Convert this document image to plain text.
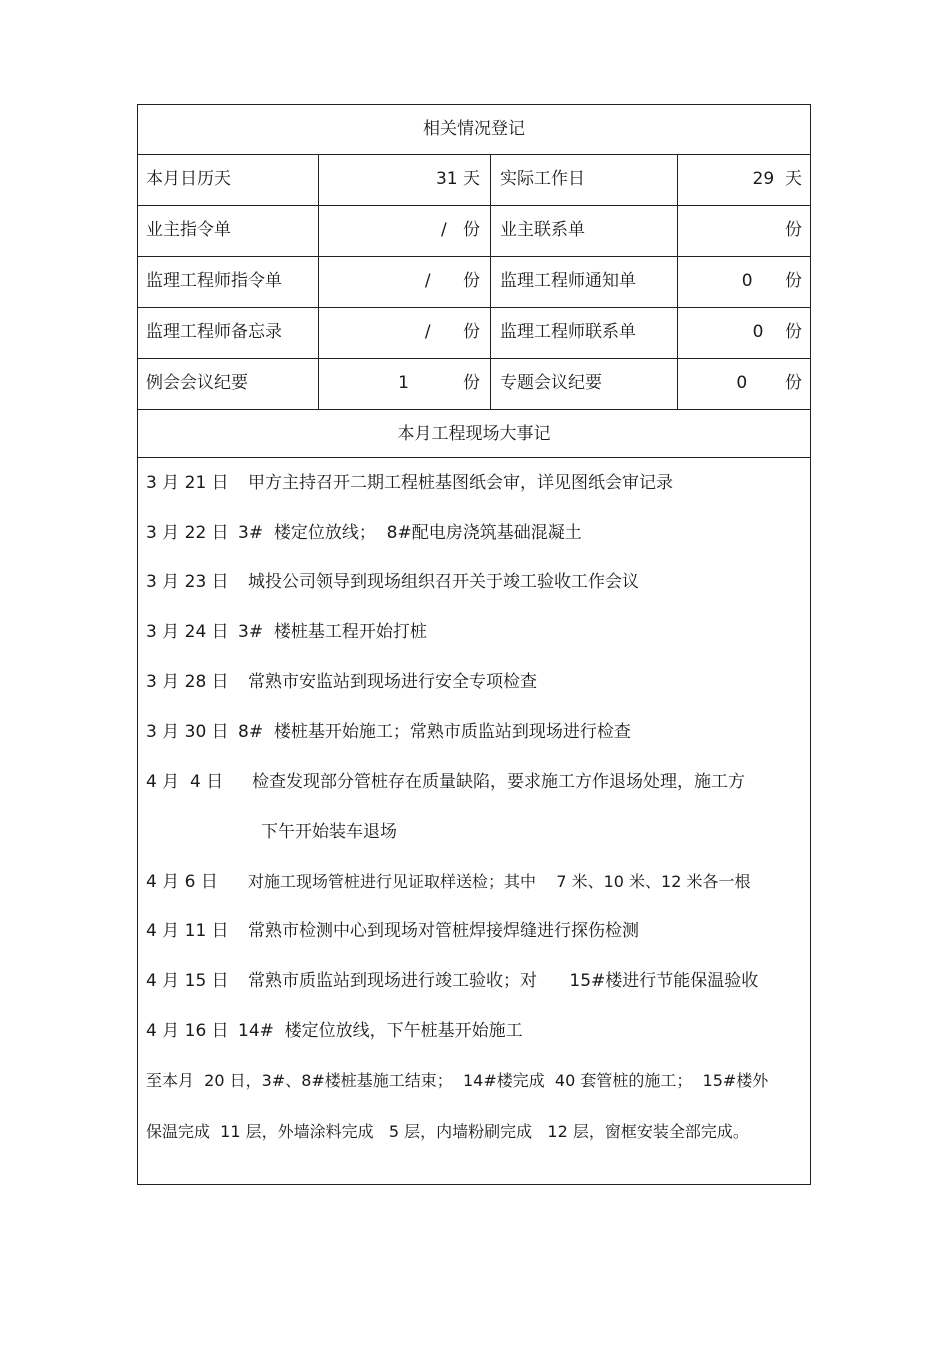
相关情况登记
本月日历天	31 天	实际工作日	29  天
业主指令单	/   份	业主联系单	份
监理工程师指令单	/      份	监理工程师通知单	0      份
监理工程师备忘录	/      份	监理工程师联系单	0    份
例会会议纪要	1          份	专题会议纪要	0       份
本月工程现场大事记
3 月 21 日 甲方主持召开二期工程桩基图纸会审，详见图纸会审记录
3 月 22 日 3#  楼定位放线；  8#配电房浇筑基础混凝土
3 月 23 日 城投公司领导到现场组织召开关于竣工验收工作会议
3 月 24 日 3#  楼桩基工程开始打桩
3 月 28 日 常熟市安监站到现场进行安全专项检查
3 月 30 日 8#  楼桩基开始施工；常熟市质监站到现场进行检查
4 月  4 日 检查发现部分管桩存在质量缺陷，要求施工方作退场处理，施工方
下午开始装车退场
4 月 6 日 对施工现场管桩进行见证取样送检；其中    7 米、10 米、12 米各一根
4 月 11 日 常熟市检测中心到现场对管桩焊接焊缝进行探伤检测
4 月 15 日 常熟市质监站到现场进行竣工验收；对      15#楼进行节能保温验收
4 月 16 日 14#  楼定位放线，下午桩基开始施工
至本月  20 日，3#、8#楼桩基施工结束；  14#楼完成  40 套管桩的施工；  15#楼外
保温完成  11 层，外墙涂料完成   5 层，内墙粉刷完成   12 层，窗框安装全部完成。
